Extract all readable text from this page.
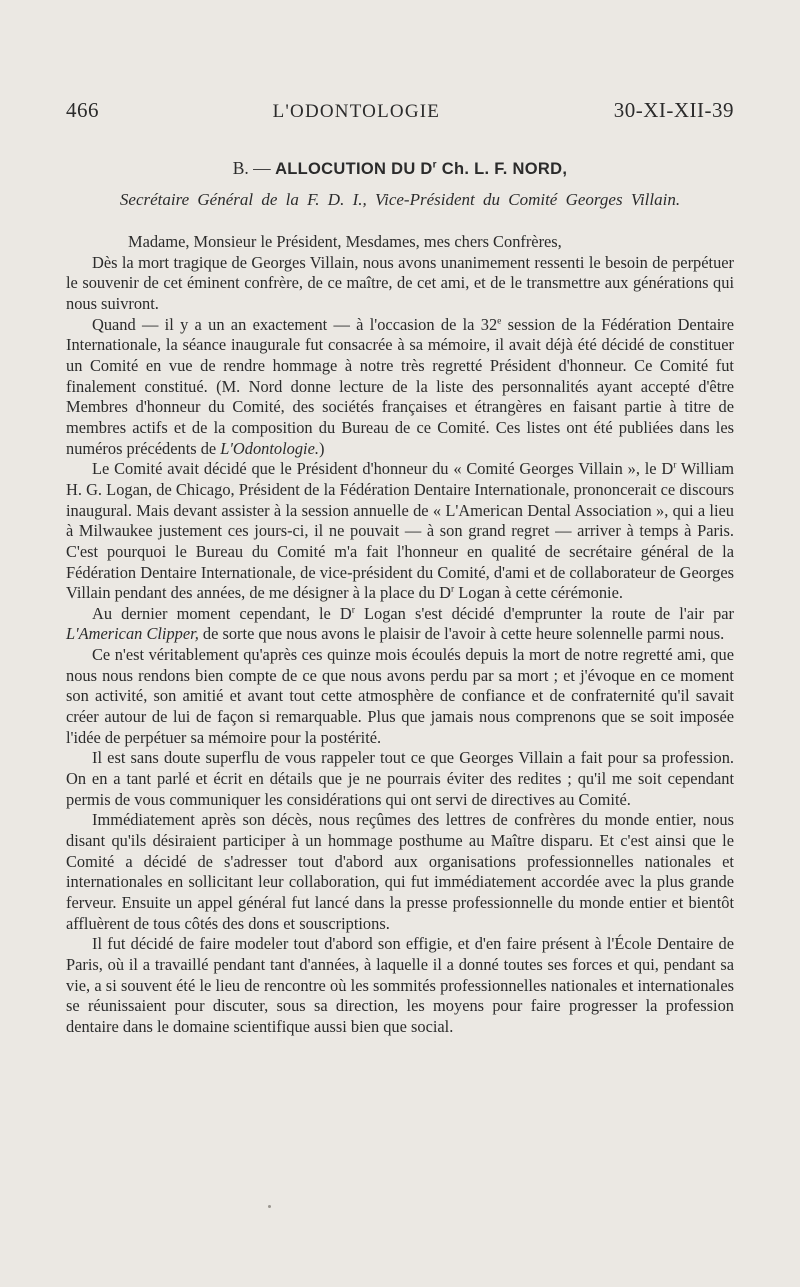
466	L'ODONTOLOGIE	30-XI-XII-39
B. — ALLOCUTION DU $D^r$ Ch. L. F. NORD,
Secrétaire Général de la F. D. I., Vice-Président du Comité Georges Villain.

Madame, Monsieur le Président, Mesdames, mes chers Confrères,

Dès la mort tragique de Georges Villain, nous avons unanimement ressenti le besoin de perpétuer le souvenir de cet éminent confrère, de ce maître, de cet ami, et de le transmettre aux générations qui nous suivront.

Quand — il y a un an exactement — à l'occasion de la 32e session de la Fédération Dentaire Internationale, la séance inaugurale fut consacrée à sa mémoire, il avait déjà été décidé de constituer un Comité en vue de rendre hommage à notre très regretté Président d'honneur. Ce Comité fut finalement constitué. (M. Nord donne lecture de la liste des personnalités ayant accepté d'être Membres d'honneur du Comité, des sociétés françaises et étrangères en faisant partie à titre de membres actifs et de la composition du Bureau de ce Comité. Ces listes ont été publiées dans les numéros précédents de L'Odontologie.)

Le Comité avait décidé que le Président d'honneur du « Comité Georges Villain », le $D^r$ William H. G. Logan, de Chicago, Président de la Fédération Dentaire Internationale, prononcerait ce discours inaugural. Mais devant assister à la session annuelle de « L'American Dental Association », qui a lieu à Milwaukee justement ces jours-ci, il ne pouvait — à son grand regret — arriver à temps à Paris. C'est pourquoi le Bureau du Comité m'a fait l'honneur en qualité de secrétaire général de la Fédération Dentaire Internationale, de vice-président du Comité, d'ami et de collaborateur de Georges Villain pendant des années, de me désigner à la place du $D^r$ Logan à cette cérémonie.

Au dernier moment cependant, le $D^r$ Logan s'est décidé d'emprunter la route de l'air par L'American Clipper, de sorte que nous avons le plaisir de l'avoir à cette heure solennelle parmi nous.

Ce n'est véritablement qu'après ces quinze mois écoulés depuis la mort de notre regretté ami, que nous nous rendons bien compte de ce que nous avons perdu par sa mort ; et j'évoque en ce moment son activité, son amitié et avant tout cette atmosphère de confiance et de confraternité qu'il savait créer autour de lui de façon si remarquable. Plus que jamais nous comprenons que se soit imposée l'idée de perpétuer sa mémoire pour la postérité.

Il est sans doute superflu de vous rappeler tout ce que Georges Villain a fait pour sa profession. On en a tant parlé et écrit en détails que je ne pourrais éviter des redites ; qu'il me soit cependant permis de vous communiquer les considérations qui ont servi de directives au Comité.

Immédiatement après son décès, nous reçûmes des lettres de confrères du monde entier, nous disant qu'ils désiraient participer à un hommage posthume au Maître disparu. Et c'est ainsi que le Comité a décidé de s'adresser tout d'abord aux organisations professionnelles nationales et internationales en sollicitant leur collaboration, qui fut immédiatement accordée avec la plus grande ferveur. Ensuite un appel général fut lancé dans la presse professionnelle du monde entier et bientôt affluèrent de tous côtés des dons et souscriptions.

Il fut décidé de faire modeler tout d'abord son effigie, et d'en faire présent à l'École Dentaire de Paris, où il a travaillé pendant tant d'années, à laquelle il a donné toutes ses forces et qui, pendant sa vie, a si souvent été le lieu de rencontre où les sommités professionnelles nationales et internationales se réunissaient pour discuter, sous sa direction, les moyens pour faire progresser la profession dentaire dans le domaine scientifique aussi bien que social.
